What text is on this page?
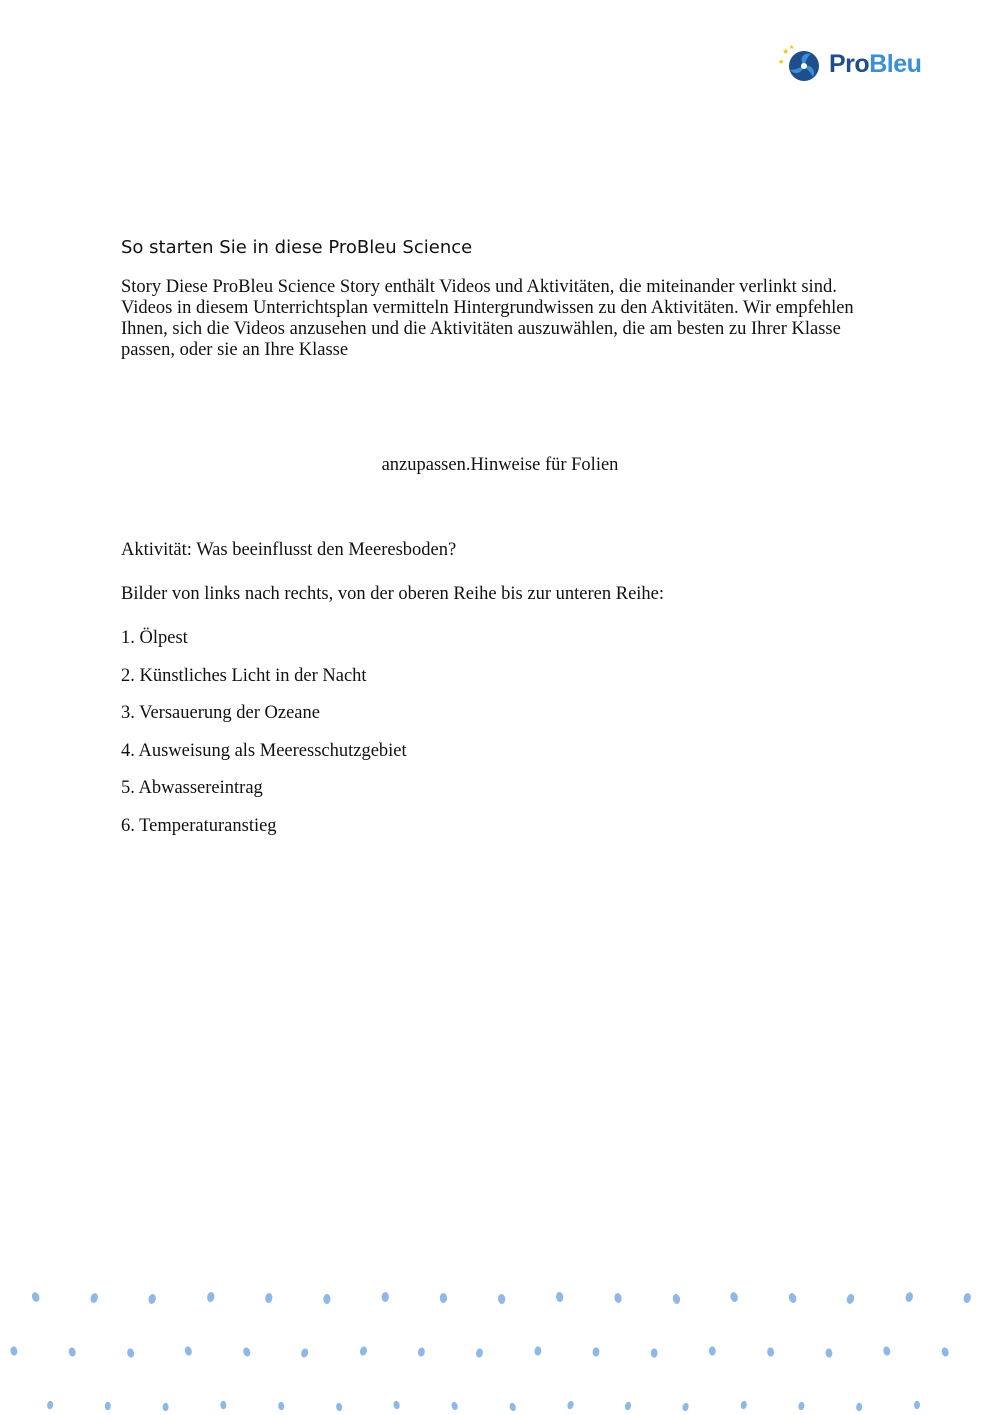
★
★
★
ProBleu
So starten Sie in diese ProBleu Science

Story Diese ProBleu Science Story enthält Videos und Aktivitäten, die miteinander verlinkt sind. Videos in diesem Unterrichtsplan vermitteln Hintergrundwissen zu den Aktivitäten. Wir empfehlen Ihnen, sich die Videos anzusehen und die Aktivitäten auszuwählen, die am besten zu Ihrer Klasse passen, oder sie an Ihre Klasse

anzupassen.Hinweise für Folien

Aktivität: Was beeinflusst den Meeresboden?

Bilder von links nach rechts, von der oberen Reihe bis zur unteren Reihe:

1. Ölpest
2. Künstliches Licht in der Nacht
3. Versauerung der Ozeane
4. Ausweisung als Meeresschutzgebiet
5. Abwassereintrag
6. Temperaturanstieg
